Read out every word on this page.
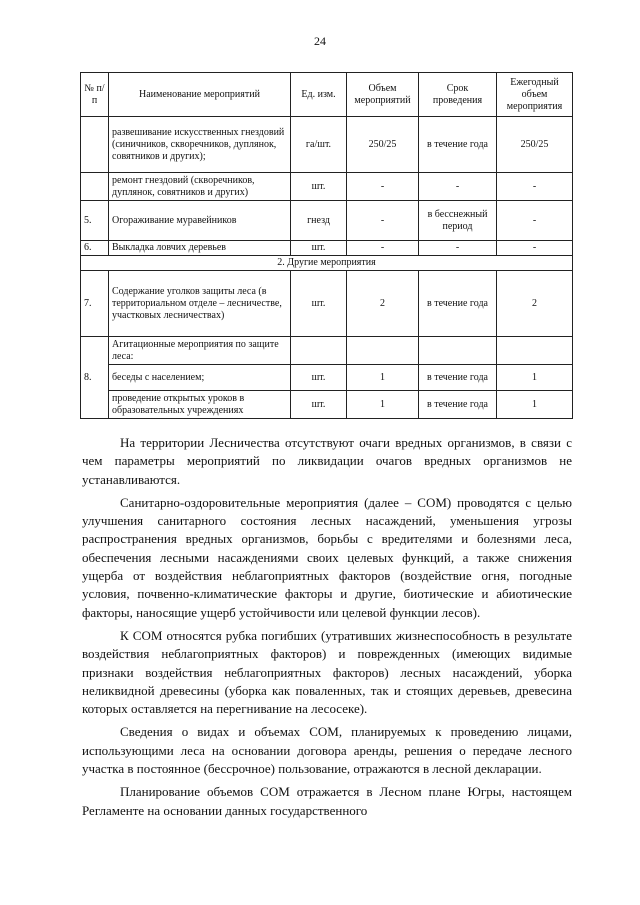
24
№ п/п	Наименование мероприятий	Ед. изм.	Объем мероприятий	Срок проведения	Ежегодный объем мероприятия
	развешивание искусственных гнездовий (синичников, скворечников, дуплянок, совятников и других);	га/шт.	250/25	в течение года	250/25
	ремонт гнездовий (скворечников, дуплянок, совятников и других)	шт.	-	-	-
5.	Огораживание муравейников	гнезд	-	в бесснежный период	-
6.	Выкладка ловчих деревьев	шт.	-	-	-
2. Другие мероприятия					
7.	Содержание уголков защиты леса (в территориальном отделе – лесничестве, участковых лесничествах)	шт.	2	в течение года	2
8.	Агитационные мероприятия по защите леса:				
	беседы с населением;	шт.	1	в течение года	1
	проведение открытых уроков в образовательных учреждениях	шт.	1	в течение года	1

На территории Лесничества отсутствуют очаги вредных организмов, в связи с чем параметры мероприятий по ликвидации очагов вредных организмов не устанавливаются.

Санитарно-оздоровительные мероприятия (далее – СОМ) проводятся с целью улучшения санитарного состояния лесных насаждений, уменьшения угрозы распространения вредных организмов, борьбы с вредителями и болезнями леса, обеспечения лесными насаждениями своих целевых функций, а также снижения ущерба от воздействия неблагоприятных факторов (воздействие огня, погодные условия, почвенно-климатические факторы и другие, биотические и абиотические факторы, наносящие ущерб устойчивости или целевой функции лесов).

К СОМ относятся рубка погибших (утративших жизнеспособность в результате воздействия неблагоприятных факторов) и поврежденных (имеющих видимые признаки воздействия неблагоприятных факторов) лесных насаждений, уборка неликвидной древесины (уборка как поваленных, так и стоящих деревьев, древесина которых оставляется на перегнивание на лесосеке).

Сведения о видах и объемах СОМ, планируемых к проведению лицами, использующими леса на основании договора аренды, решения о передаче лесного участка в постоянное (бессрочное) пользование, отражаются в лесной декларации.

Планирование объемов СОМ отражается в Лесном плане Югры, настоящем Регламенте на основании данных государственного
